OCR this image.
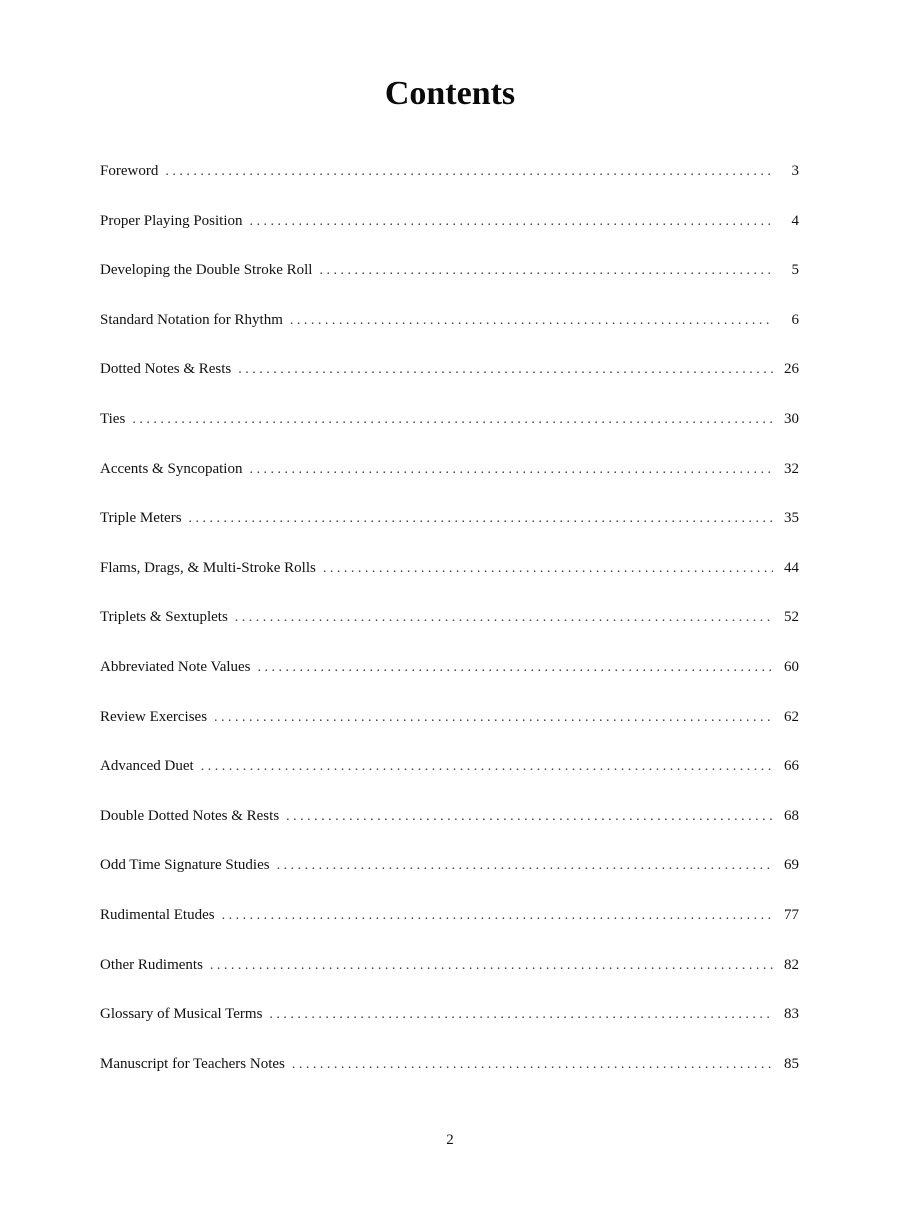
Contents
Foreword . . .	3
Proper Playing Position . . .	4
Developing the Double Stroke Roll . . .	5
Standard Notation for Rhythm . . .	6
Dotted Notes & Rests . . .	26
Ties . . .	30
Accents & Syncopation . . .	32
Triple Meters . . .	35
Flams, Drags, & Multi-Stroke Rolls . . .	44
Triplets & Sextuplets . . .	52
Abbreviated Note Values . . .	60
Review Exercises . . .	62
Advanced Duet . . .	66
Double Dotted Notes & Rests . . .	68
Odd Time Signature Studies . . .	69
Rudimental Etudes . . .	77
Other Rudiments . . .	82
Glossary of Musical Terms . . .	83
Manuscript for Teachers Notes . . .	85
2
